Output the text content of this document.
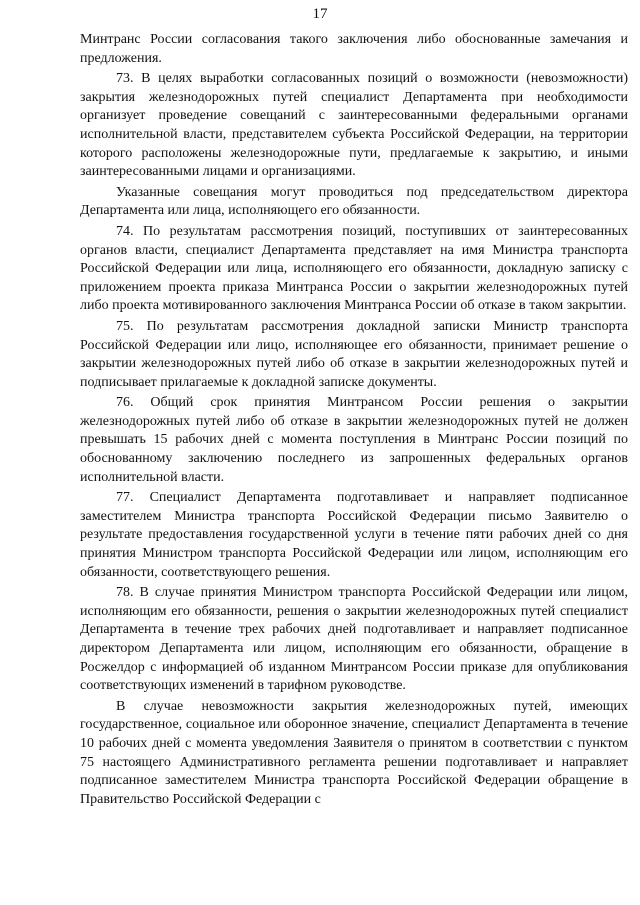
17

Минтранс России согласования такого заключения либо обоснованные замечания и предложения.

73. В целях выработки согласованных позиций о возможности (невозможности) закрытия железнодорожных путей специалист Департамента при необходимости организует проведение совещаний с заинтересованными федеральными органами исполнительной власти, представителем субъекта Российской Федерации, на территории которого расположены железнодорожные пути, предлагаемые к закрытию, и иными заинтересованными лицами и организациями.

Указанные совещания могут проводиться под председательством директора Департамента или лица, исполняющего его обязанности.

74. По результатам рассмотрения позиций, поступивших от заинтересованных органов власти, специалист Департамента представляет на имя Министра транспорта Российской Федерации или лица, исполняющего его обязанности, докладную записку с приложением проекта приказа Минтранса России о закрытии железнодорожных путей либо проекта мотивированного заключения Минтранса России об отказе в таком закрытии.

75. По результатам рассмотрения докладной записки Министр транспорта Российской Федерации или лицо, исполняющее его обязанности, принимает решение о закрытии железнодорожных путей либо об отказе в закрытии железнодорожных путей и подписывает прилагаемые к докладной записке документы.

76. Общий срок принятия Минтрансом России решения о закрытии железнодорожных путей либо об отказе в закрытии железнодорожных путей не должен превышать 15 рабочих дней с момента поступления в Минтранс России позиций по обоснованному заключению последнего из запрошенных федеральных органов исполнительной власти.

77. Специалист Департамента подготавливает и направляет подписанное заместителем Министра транспорта Российской Федерации письмо Заявителю о результате предоставления государственной услуги в течение пяти рабочих дней со дня принятия Министром транспорта Российской Федерации или лицом, исполняющим его обязанности, соответствующего решения.

78. В случае принятия Министром транспорта Российской Федерации или лицом, исполняющим его обязанности, решения о закрытии железнодорожных путей специалист Департамента в течение трех рабочих дней подготавливает и направляет подписанное директором Департамента или лицом, исполняющим его обязанности, обращение в Росжелдор с информацией об изданном Минтрансом России приказе для опубликования соответствующих изменений в тарифном руководстве.

В случае невозможности закрытия железнодорожных путей, имеющих государственное, социальное или оборонное значение, специалист Департамента в течение 10 рабочих дней с момента уведомления Заявителя о принятом в соответствии с пунктом 75 настоящего Административного регламента решении подготавливает и направляет подписанное заместителем Министра транспорта Российской Федерации обращение в Правительство Российской Федерации с
